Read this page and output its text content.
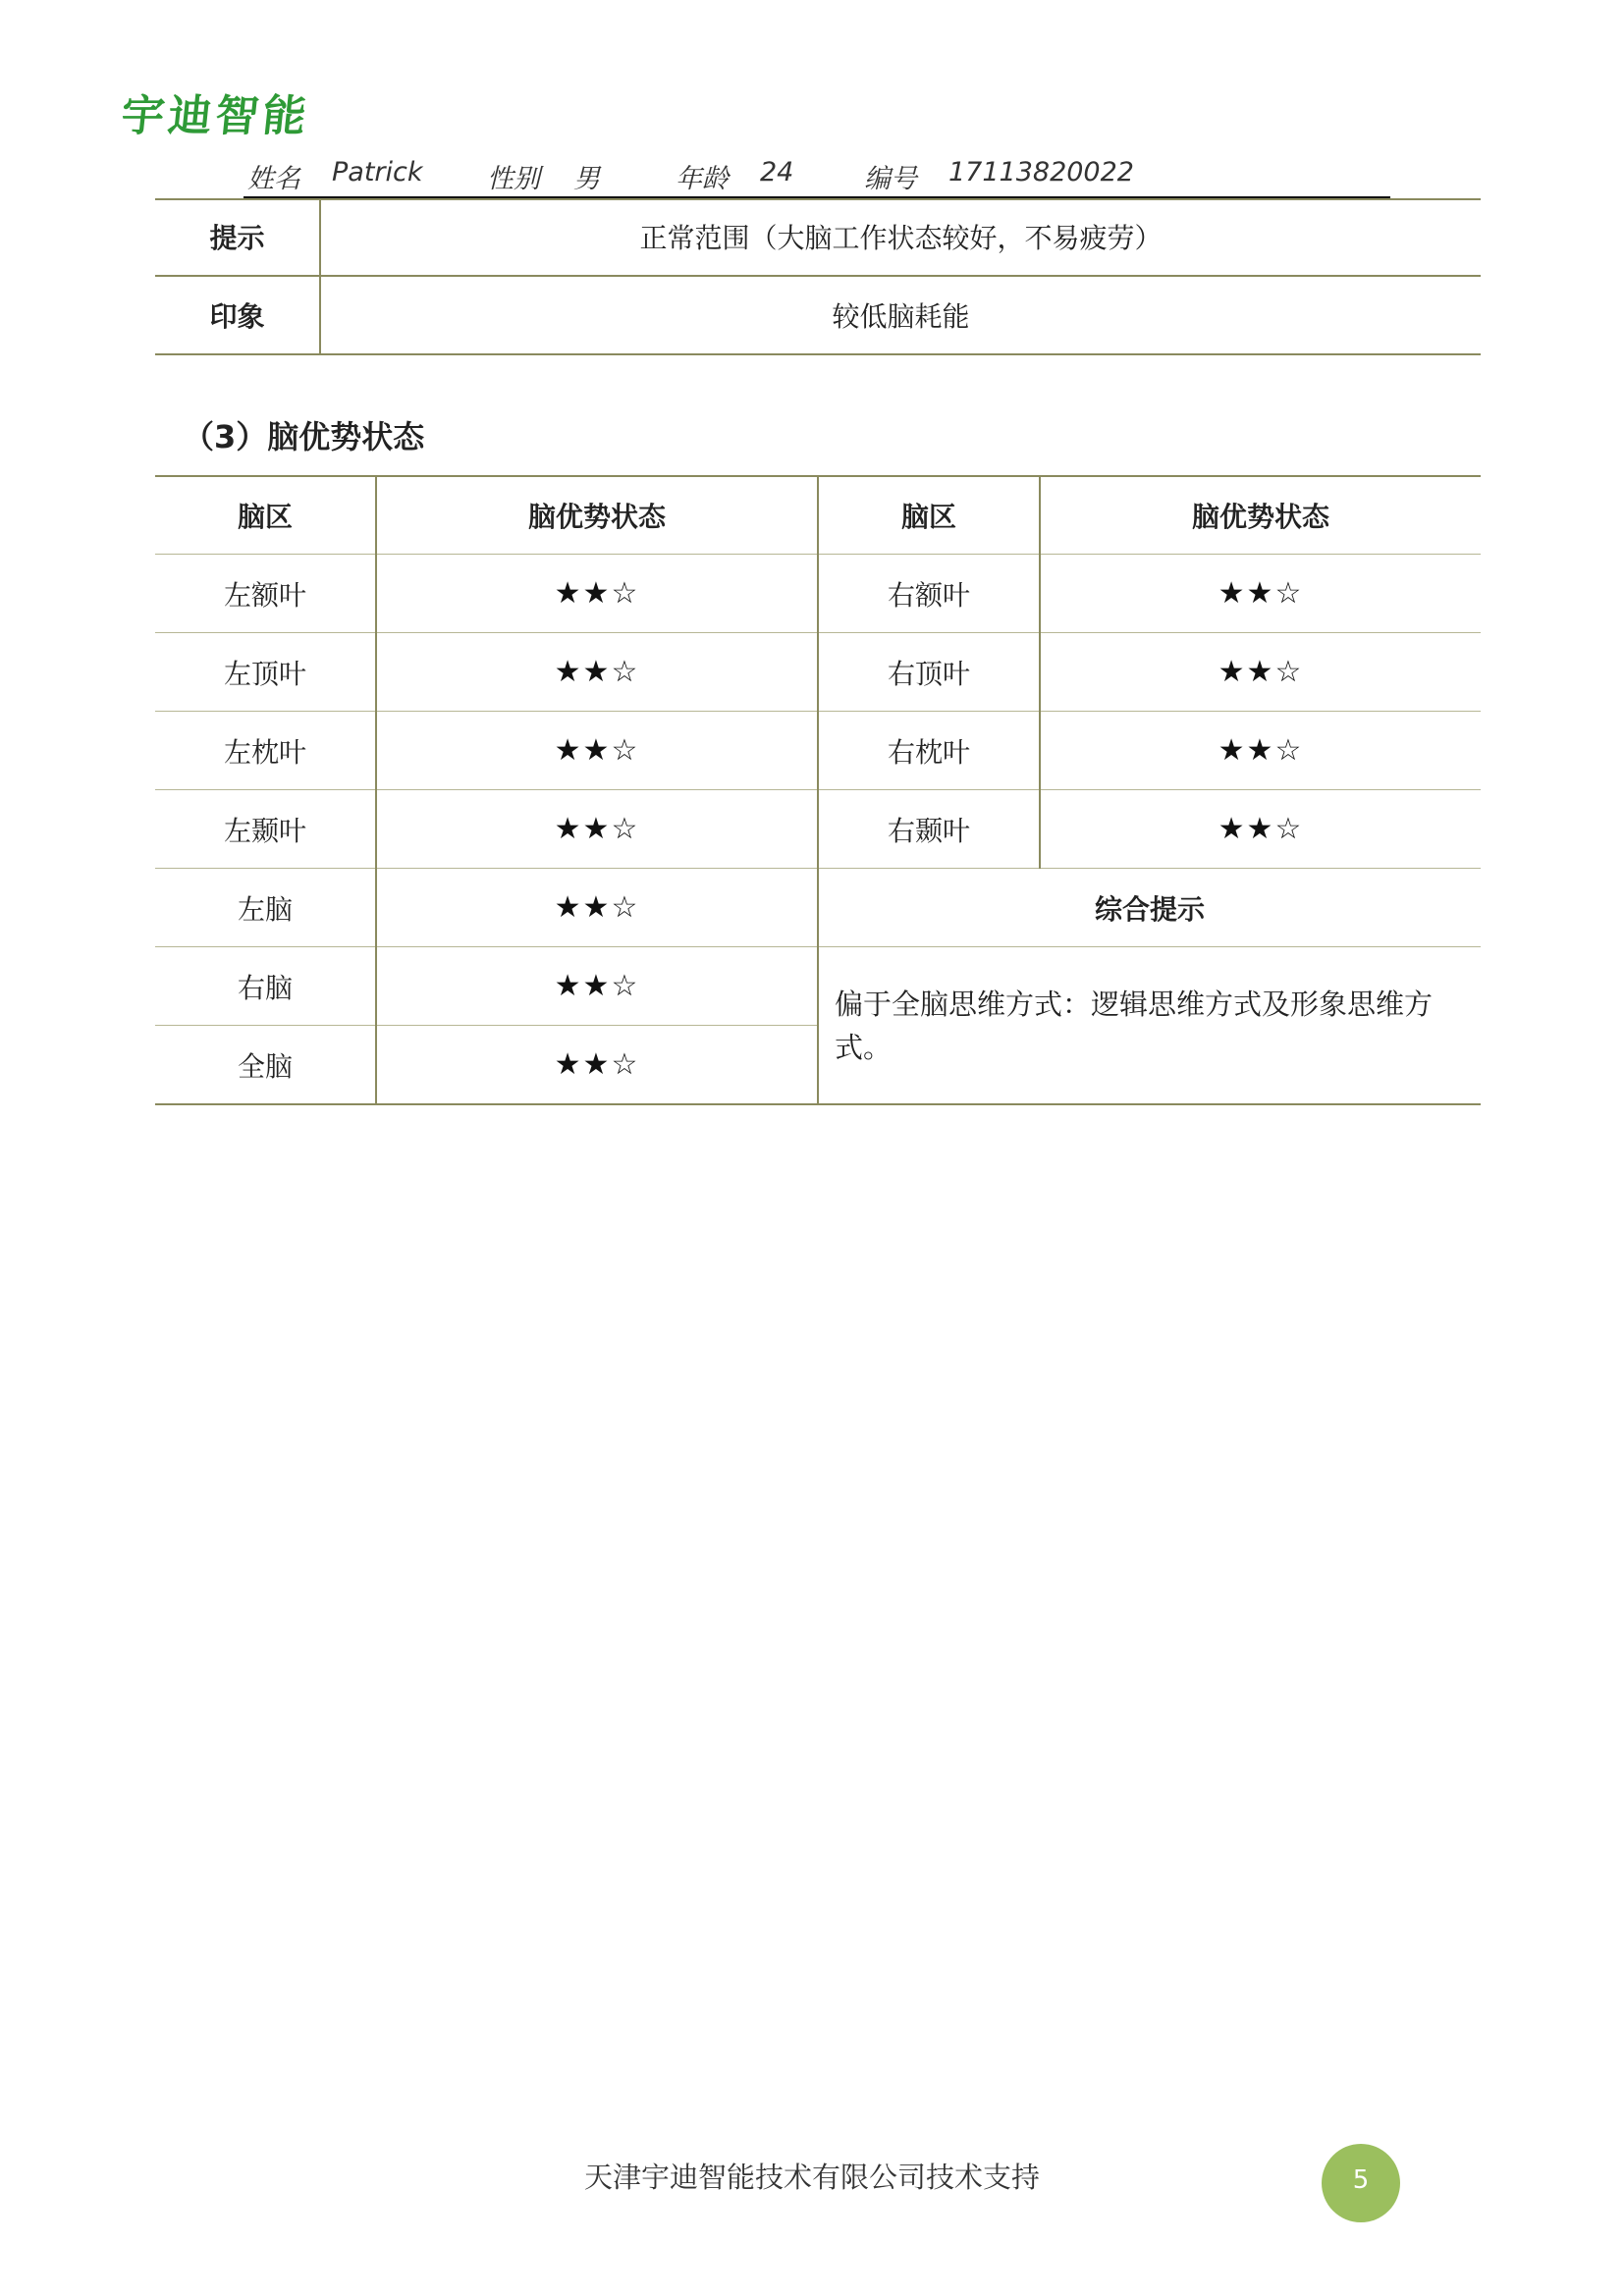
宇迪智能
姓名 Patrick 性别 男	年龄 24	编号 17113820022
提示	正常范围（大脑工作状态较好，不易疲劳）
印象	较低脑耗能
（3）脑优势状态
脑区	脑优势状态	脑区	脑优势状态
左额叶	★★☆	右额叶	★★☆
左顶叶	★★☆	右顶叶	★★☆
左枕叶	★★☆	右枕叶	★★☆
左颞叶	★★☆	右颞叶	★★☆
左脑	★★☆	综合提示	
右脑	★★☆	偏于全脑思维方式：逻辑思维方式及形象思维方式。	
全脑	★★☆		
天津宇迪智能技术有限公司技术支持	5
